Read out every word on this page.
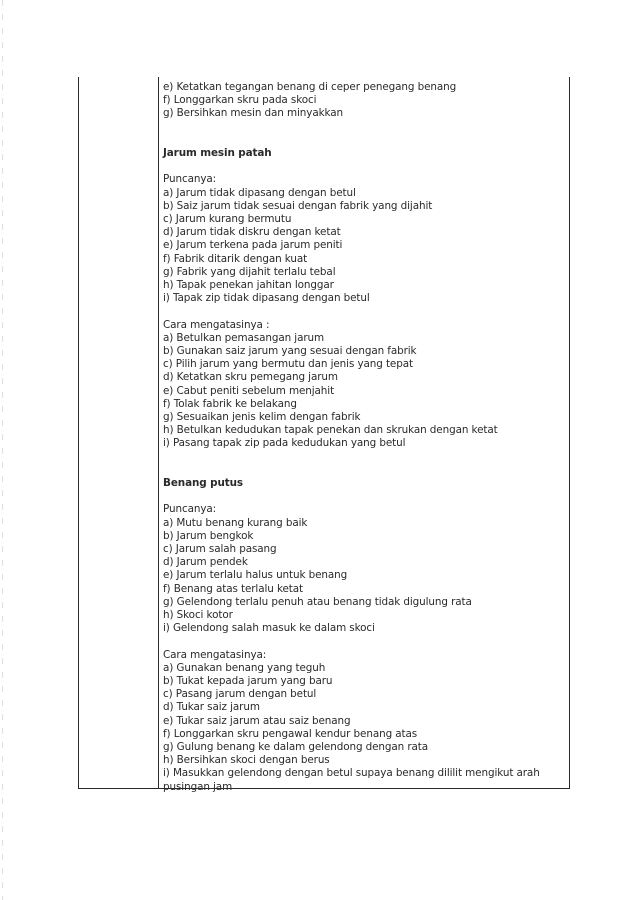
e) Ketatkan tegangan benang di ceper penegang benang
f) Longgarkan skru pada skoci
g) Bersihkan mesin dan minyakkan
Jarum mesin patah
Puncanya:
a) Jarum tidak dipasang dengan betul
b) Saiz jarum tidak sesuai dengan fabrik yang dijahit
c) Jarum kurang bermutu
d) Jarum tidak diskru dengan ketat
e) Jarum terkena pada jarum peniti
f) Fabrik ditarik dengan kuat
g) Fabrik yang dijahit terlalu tebal
h) Tapak penekan jahitan longgar
i) Tapak zip tidak dipasang dengan betul
Cara mengatasinya :
a) Betulkan pemasangan jarum
b) Gunakan saiz jarum yang sesuai dengan fabrik
c) Pilih jarum yang bermutu dan jenis yang tepat
d) Ketatkan skru pemegang jarum
e) Cabut peniti sebelum menjahit
f) Tolak fabrik ke belakang
g) Sesuaikan jenis kelim dengan fabrik
h) Betulkan kedudukan tapak penekan dan skrukan dengan ketat
i) Pasang tapak zip pada kedudukan yang betul
Benang putus
Puncanya:
a) Mutu benang kurang baik
b) Jarum bengkok
c) Jarum salah pasang
d) Jarum pendek
e) Jarum terlalu halus untuk benang
f) Benang atas terlalu ketat
g) Gelendong terlalu penuh atau benang tidak digulung rata
h) Skoci kotor
i) Gelendong salah masuk ke dalam skoci
Cara mengatasinya:
a) Gunakan benang yang teguh
b) Tukat kepada jarum yang baru
c) Pasang jarum dengan betul
d) Tukar saiz jarum
e) Tukar saiz jarum atau saiz benang
f) Longgarkan skru pengawal kendur benang atas
g) Gulung benang ke dalam gelendong dengan rata
h) Bersihkan skoci dengan berus
i) Masukkan gelendong dengan betul supaya benang dililit mengikut arah pusingan jam
